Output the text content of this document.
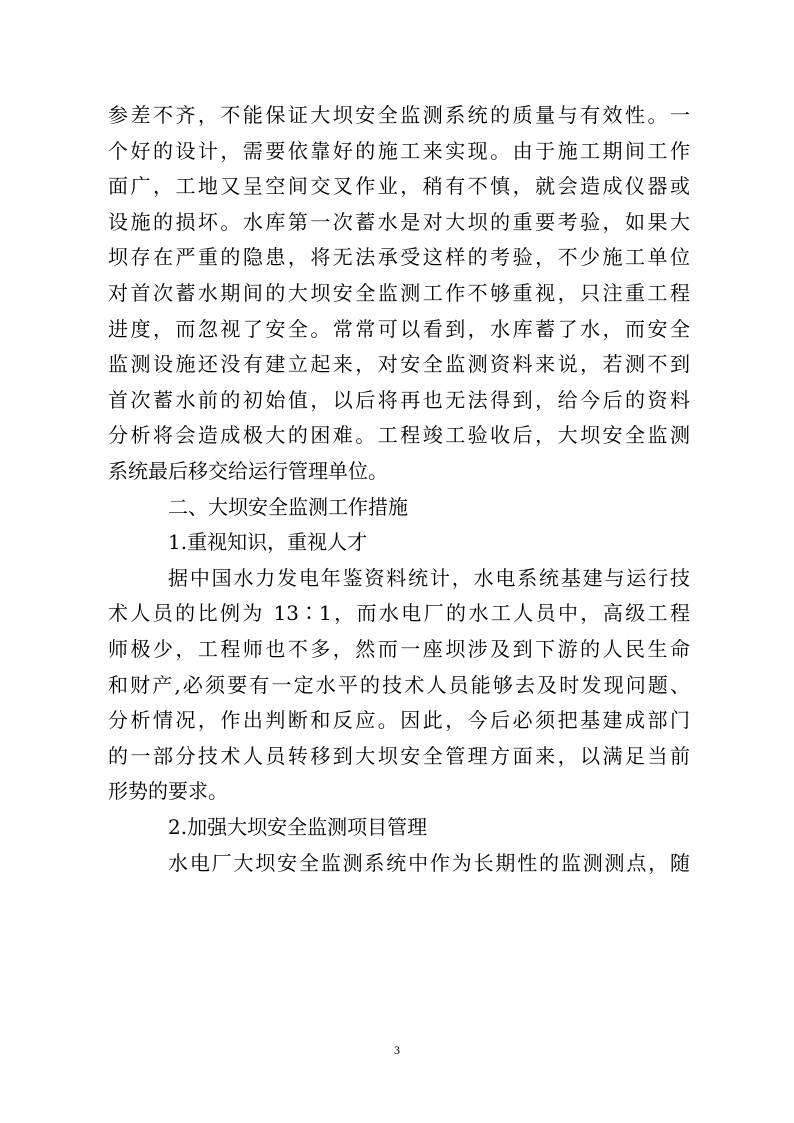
参差不齐，不能保证大坝安全监测系统的质量与有效性。一
个好的设计，需要依靠好的施工来实现。由于施工期间工作
面广，工地又呈空间交叉作业，稍有不慎，就会造成仪器或
设施的损坏。水库第一次蓄水是对大坝的重要考验，如果大
坝存在严重的隐患，将无法承受这样的考验，不少施工单位
对首次蓄水期间的大坝安全监测工作不够重视，只注重工程
进度，而忽视了安全。常常可以看到，水库蓄了水，而安全
监测设施还没有建立起来，对安全监测资料来说，若测不到
首次蓄水前的初始值，以后将再也无法得到，给今后的资料
分析将会造成极大的困难。工程竣工验收后，大坝安全监测
系统最后移交给运行管理单位。
二、大坝安全监测工作措施
1.重视知识，重视人才
据中国水力发电年鉴资料统计，水电系统基建与运行技
术人员的比例为 13∶1，而水电厂的水工人员中，高级工程
师极少，工程师也不多，然而一座坝涉及到下游的人民生命
和财产,必须要有一定水平的技术人员能够去及时发现问题、
分析情况，作出判断和反应。因此，今后必须把基建成部门
的一部分技术人员转移到大坝安全管理方面来，以满足当前
形势的要求。
2.加强大坝安全监测项目管理
水电厂大坝安全监测系统中作为长期性的监测测点，随
3
